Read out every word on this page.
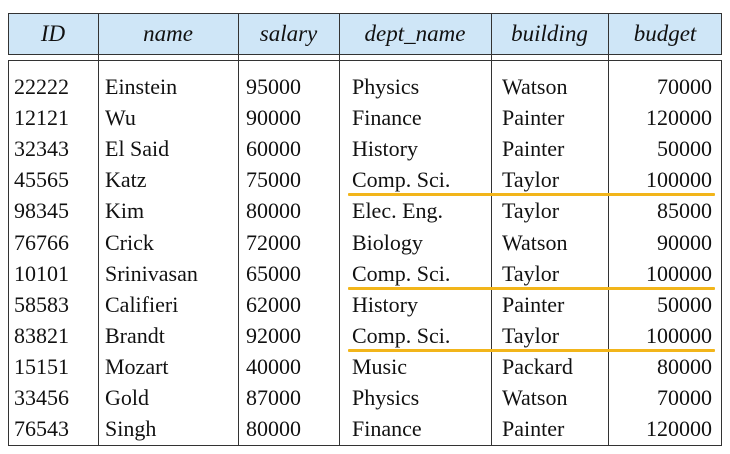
ID	name	salary	dept_name	building	budget
22222	Einstein	95000	Physics	Watson	70000
12121	Wu	90000	Finance	Painter	120000
32343	El Said	60000	History	Painter	50000
45565	Katz	75000	Comp. Sci.	Taylor	100000
98345	Kim	80000	Elec. Eng.	Taylor	85000
76766	Crick	72000	Biology	Watson	90000
10101	Srinivasan	65000	Comp. Sci.	Taylor	100000
58583	Califieri	62000	History	Painter	50000
83821	Brandt	92000	Comp. Sci.	Taylor	100000
15151	Mozart	40000	Music	Packard	80000
33456	Gold	87000	Physics	Watson	70000
76543	Singh	80000	Finance	Painter	120000
